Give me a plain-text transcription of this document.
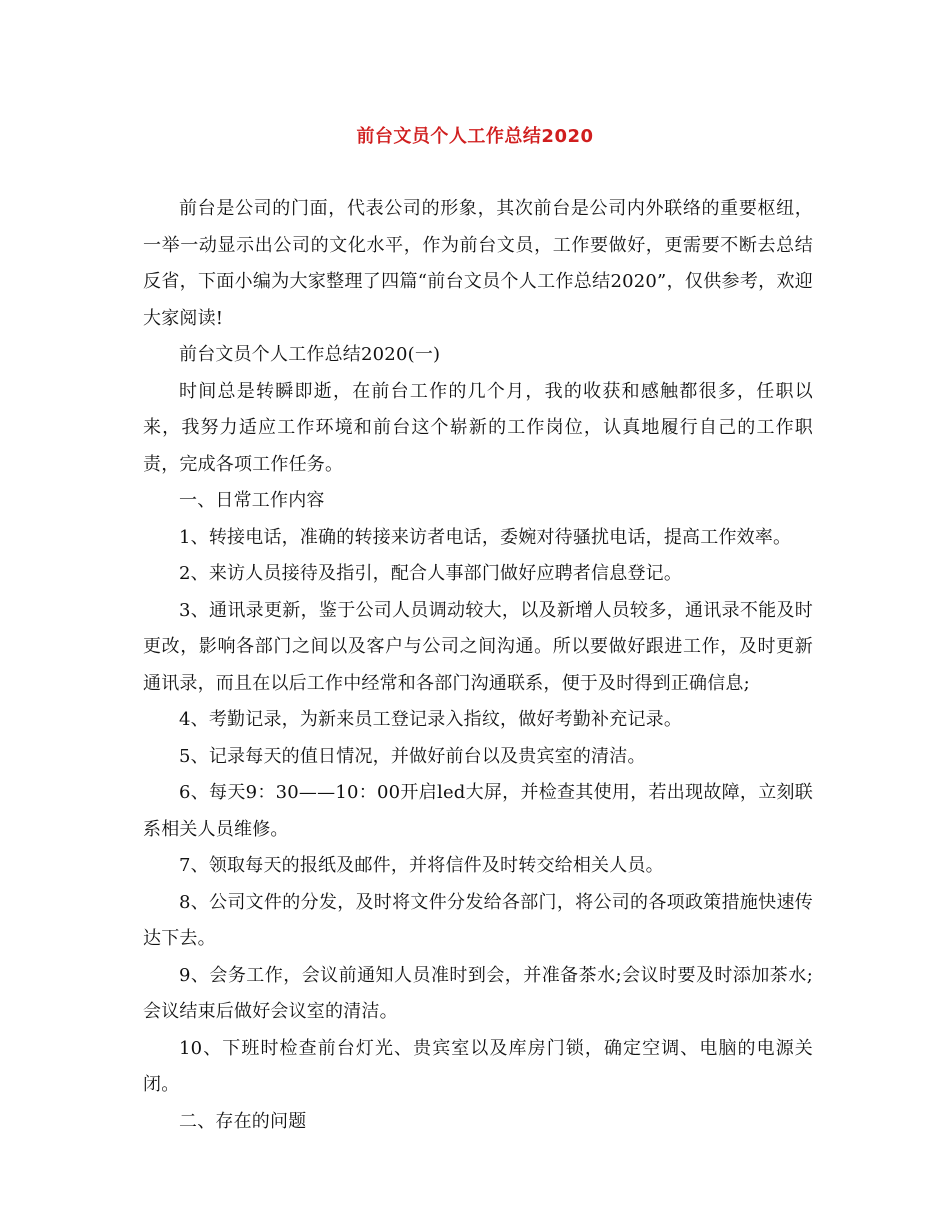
前台文员个人工作总结2020

前台是公司的门面，代表公司的形象，其次前台是公司内外联络的重要枢纽，一举一动显示出公司的文化水平，作为前台文员，工作要做好，更需要不断去总结反省，下面小编为大家整理了四篇“前台文员个人工作总结2020”，仅供参考，欢迎大家阅读!

前台文员个人工作总结2020(一)

时间总是转瞬即逝，在前台工作的几个月，我的收获和感触都很多，任职以来，我努力适应工作环境和前台这个崭新的工作岗位，认真地履行自己的工作职责，完成各项工作任务。

一、日常工作内容

1、转接电话，准确的转接来访者电话，委婉对待骚扰电话，提高工作效率。

2、来访人员接待及指引，配合人事部门做好应聘者信息登记。

3、通讯录更新，鉴于公司人员调动较大，以及新增人员较多，通讯录不能及时更改，影响各部门之间以及客户与公司之间沟通。所以要做好跟进工作，及时更新通讯录，而且在以后工作中经常和各部门沟通联系，便于及时得到正确信息;

4、考勤记录，为新来员工登记录入指纹，做好考勤补充记录。

5、记录每天的值日情况，并做好前台以及贵宾室的清洁。

6、每天9：30——10：00开启led大屏，并检查其使用，若出现故障，立刻联系相关人员维修。

7、领取每天的报纸及邮件，并将信件及时转交给相关人员。

8、公司文件的分发，及时将文件分发给各部门，将公司的各项政策措施快速传达下去。

9、会务工作，会议前通知人员准时到会，并准备茶水;会议时要及时添加茶水;会议结束后做好会议室的清洁。

10、下班时检查前台灯光、贵宾室以及库房门锁，确定空调、电脑的电源关闭。

二、存在的问题
